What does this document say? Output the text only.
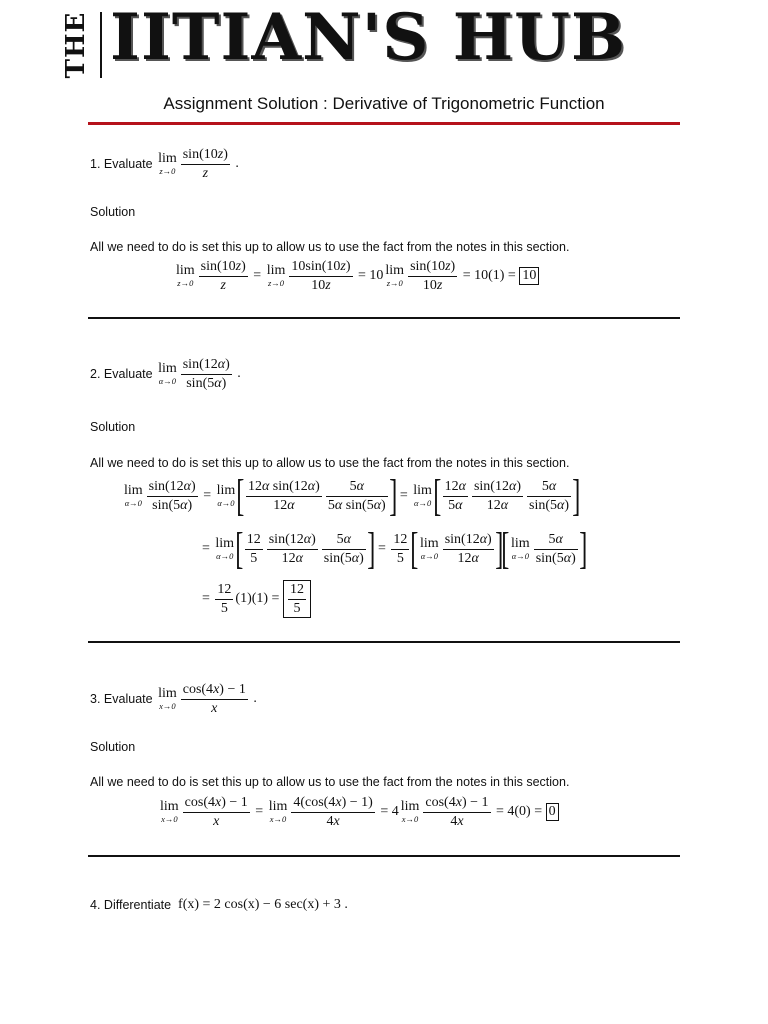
THE IITIAN'S HUB
Assignment Solution : Derivative of Trigonometric Function
1.
Evaluate
lim
$z\to 0 \frac{\sin(10z)}{z}$ .
Solution
All we need to do is set this up to allow us to use the fact from the notes in this section.
lim
$z\to 0 \frac{\sin(10z)}{z} = \lim$
$z\to 0 \frac{10\sin(10z)}{10z} = 10$ lim
$z\to 0 \frac{\sin(10z)}{10z} = 10(1) = 10$
2.
Evaluate
lim
$\alpha\to 0 \frac{\sin(12\alpha)}{\sin(5\alpha)}$ .
Solution
All we need to do is set this up to allow us to use the fact from the notes in this section.
lim
$\alpha\to 0 \frac{\sin(12\alpha)}{\sin(5\alpha)} = \lim$
α→0 [ $\frac{\text{12α sin(12α)}}{12\alpha} \frac{5\alpha}{\text{5α sin(5α)}}$ ] = lim
α→0 [ $\frac{12\alpha}{5\alpha} \frac{\sin(12\alpha)}{12\alpha} \frac{5\alpha}{\sin(5\alpha)}$ ]
= lim
α→0 [ $\frac{12}{5} \frac{\sin(12\alpha)}{12\alpha} \frac{5\alpha}{\sin(5\alpha)}$ ] = $\frac{12}{5}$ [ lim
$\alpha\to 0 \frac{\sin(12\alpha)}{12\alpha}$ ]
[ lim
$\alpha\to 0 \frac{5\alpha}{\sin(5\alpha)}$ ]
= $\frac{12}{5} (1)(1) = \frac{12}{5}$
3.
Evaluate
lim
$x\to 0 \frac{\cos(4x) - 1}{x}$ .
Solution
All we need to do is set this up to allow us to use the fact from the notes in this section.
lim
$x\to 0 \frac{\cos(4x) - 1}{x} = \lim$
$x\to 0 \frac{4(\cos(4x) - 1)}{4x} = 4$ lim
$x\to 0 \frac{\cos(4x) - 1}{4x} = 4(0) = 0$
4.
Differentiate
f(x) = 2 cos(x) − 6 sec(x) + 3 .
